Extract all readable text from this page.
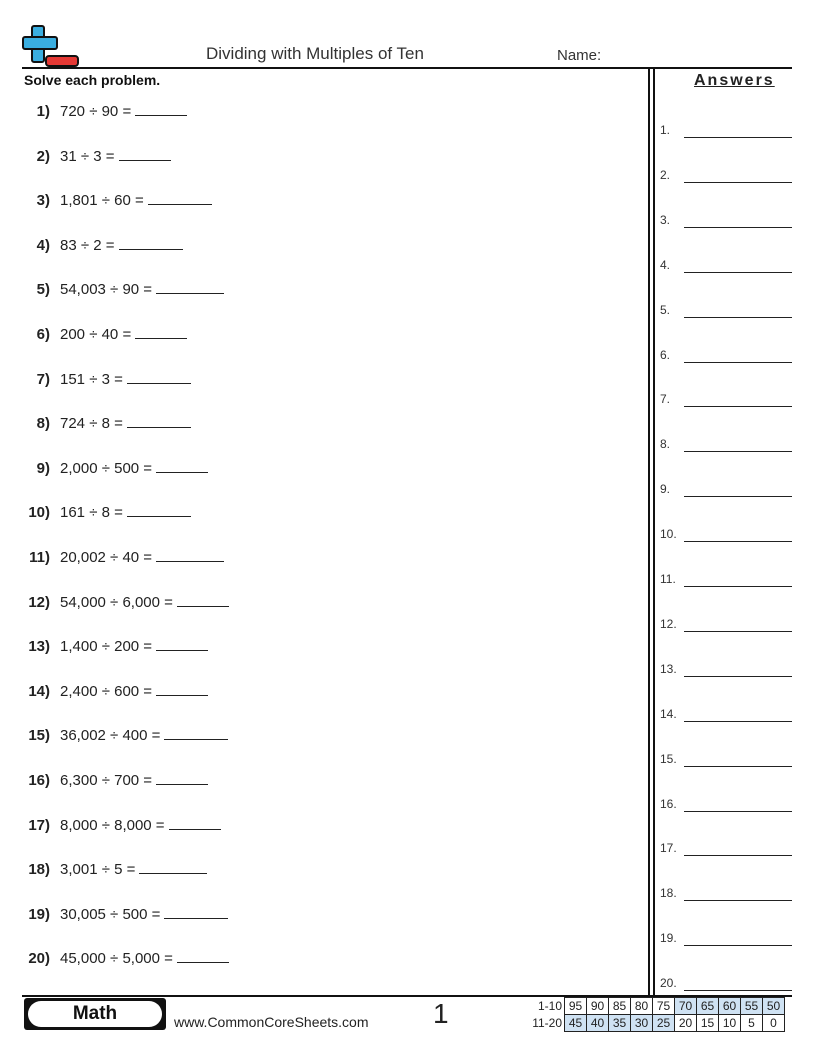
Dividing with Multiples of Ten	Name:
Solve each problem.	Answers
1) 720 ÷ 90 =
2) 31 ÷ 3 =
3) 1,801 ÷ 60 =
4) 83 ÷ 2 =
5) 54,003 ÷ 90 =
6) 200 ÷ 40 =
7) 151 ÷ 3 =
8) 724 ÷ 8 =
9) 2,000 ÷ 500 =
10) 161 ÷ 8 =
11) 20,002 ÷ 40 =
12) 54,000 ÷ 6,000 =
13) 1,400 ÷ 200 =
14) 2,400 ÷ 600 =
15) 36,002 ÷ 400 =
16) 6,300 ÷ 700 =
17) 8,000 ÷ 8,000 =
18) 3,001 ÷ 5 =
19) 30,005 ÷ 500 =
20) 45,000 ÷ 5,000 =
1.
2.
3.
4.
5.
6.
7.
8.
9.
10.
11.
12.
13.
14.
15.
16.
17.
18.
19.
20.
Math	www.CommonCoreSheets.com 1	1-10	95	90	85	80	75	70	65	60	55	50
11-20	45	40	35	30	25	20	15	10	5	0
